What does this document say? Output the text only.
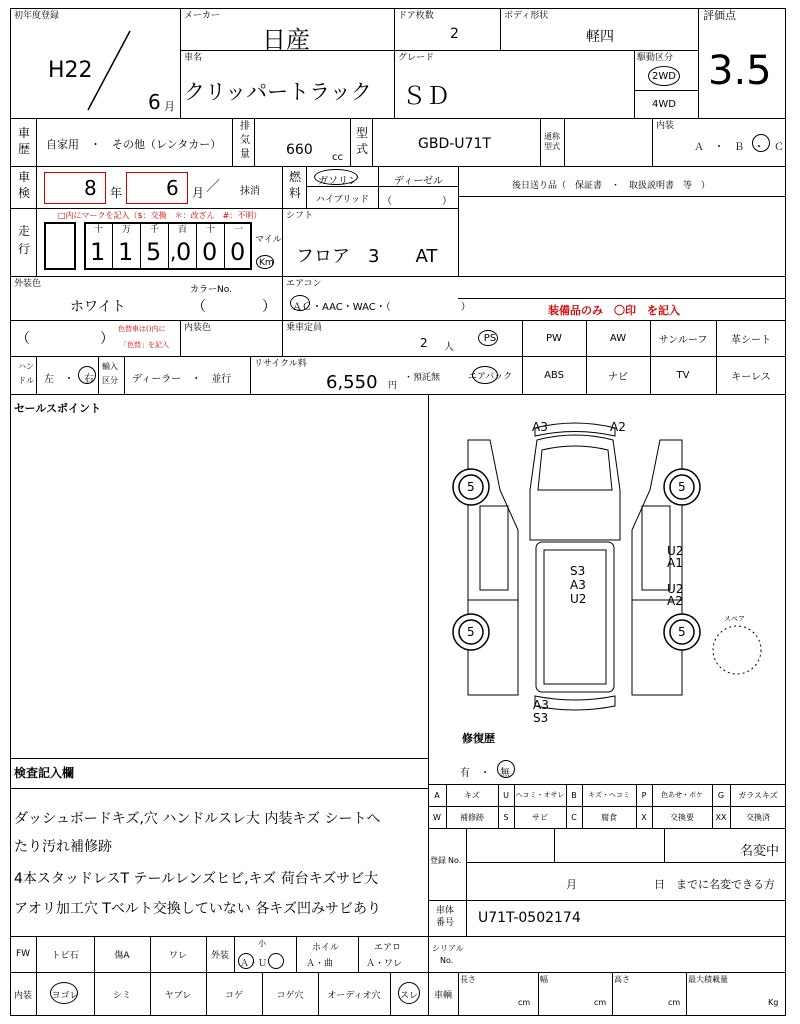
初年度登録
H22
6 月
メーカー
日産
ドア枚数
2
ボディ形状
軽四
評価点
3.5
車名
クリッパートラック
グレード
ＳＤ
駆動区分
2WD
4WD
車
歴 自家用　・　その他（レンタカー）
排
気
量	660 cc
型
式	GBD-U71T	通称
型式
内装
Ａ　・　Ｂ　・　Ｃ
車
検	8 年 6 月	抹消
／
燃
料
ガソリン	ディーゼル
ハイブリッド （　　　　　）
後日送り品（　保証書　・　取扱説明書　等　）
走
行
□内にマークを記入（$：交換　＊：改ざん　#：不明）
十 万 千 百 十 一
1 1 5 , 0 0 0 マイル
Km
シフト
フロア　3　　AT
外装色
ホワイト
カラーNo.
（　　　　）
エアコン
ＡＣ・AAC・WAC・（　　　　　　　）	装備品のみ　〇印　を記入
（　　　　　）
色替車は()内に
「色替」を記入
内装色	乗車定員
2 人
PS	PW	AW	サンルーフ	革シート
ハン
ドル 左　・　右
輸入
区分 ディーラー　・　並行
リサイクル料
6,550 円
・預託無	エアバック	ABS	ナビ	TV	キーレス
セールスポイント
A3	A2
5	5
5	5
S3
A3
U2
U2
A1
U2
A2
A3
S3
スペア
修復歴
有　・　無
検査記入欄
ダッシュボードキズ,穴 ハンドルスレ大 内装キズ シートへ
たり汚れ補修跡
4本スタッドレスT テールレンズヒビ,キズ 荷台キズサビ大
アオリ加工穴 Tベルト交換していない 各キズ凹みサビあり
A	キズ	U ヘコミ・オサレ B	キズ・ヘコミ	P	色あせ・ボケ	G	ガラスキズ
W	補修跡	S	サビ	C	腐食	X	交換要	XX	交換済
登録 No.
名変中
月　　　　　　　日　までに名変できる方
車体
番号 U71T-0502174
FW	トビ石	傷A	ワレ	外装
小
Ａ・Ｕ
ホイル
Ａ・曲
エアロ
Ａ・ワレ
内装	ヨゴレ	シミ	ヤブレ	コゲ	コゲ穴	オーディオ穴	スレ
シリアル
No.
車輌
長さ
cm
幅
cm
高さ
cm
最大積載量
Kg
